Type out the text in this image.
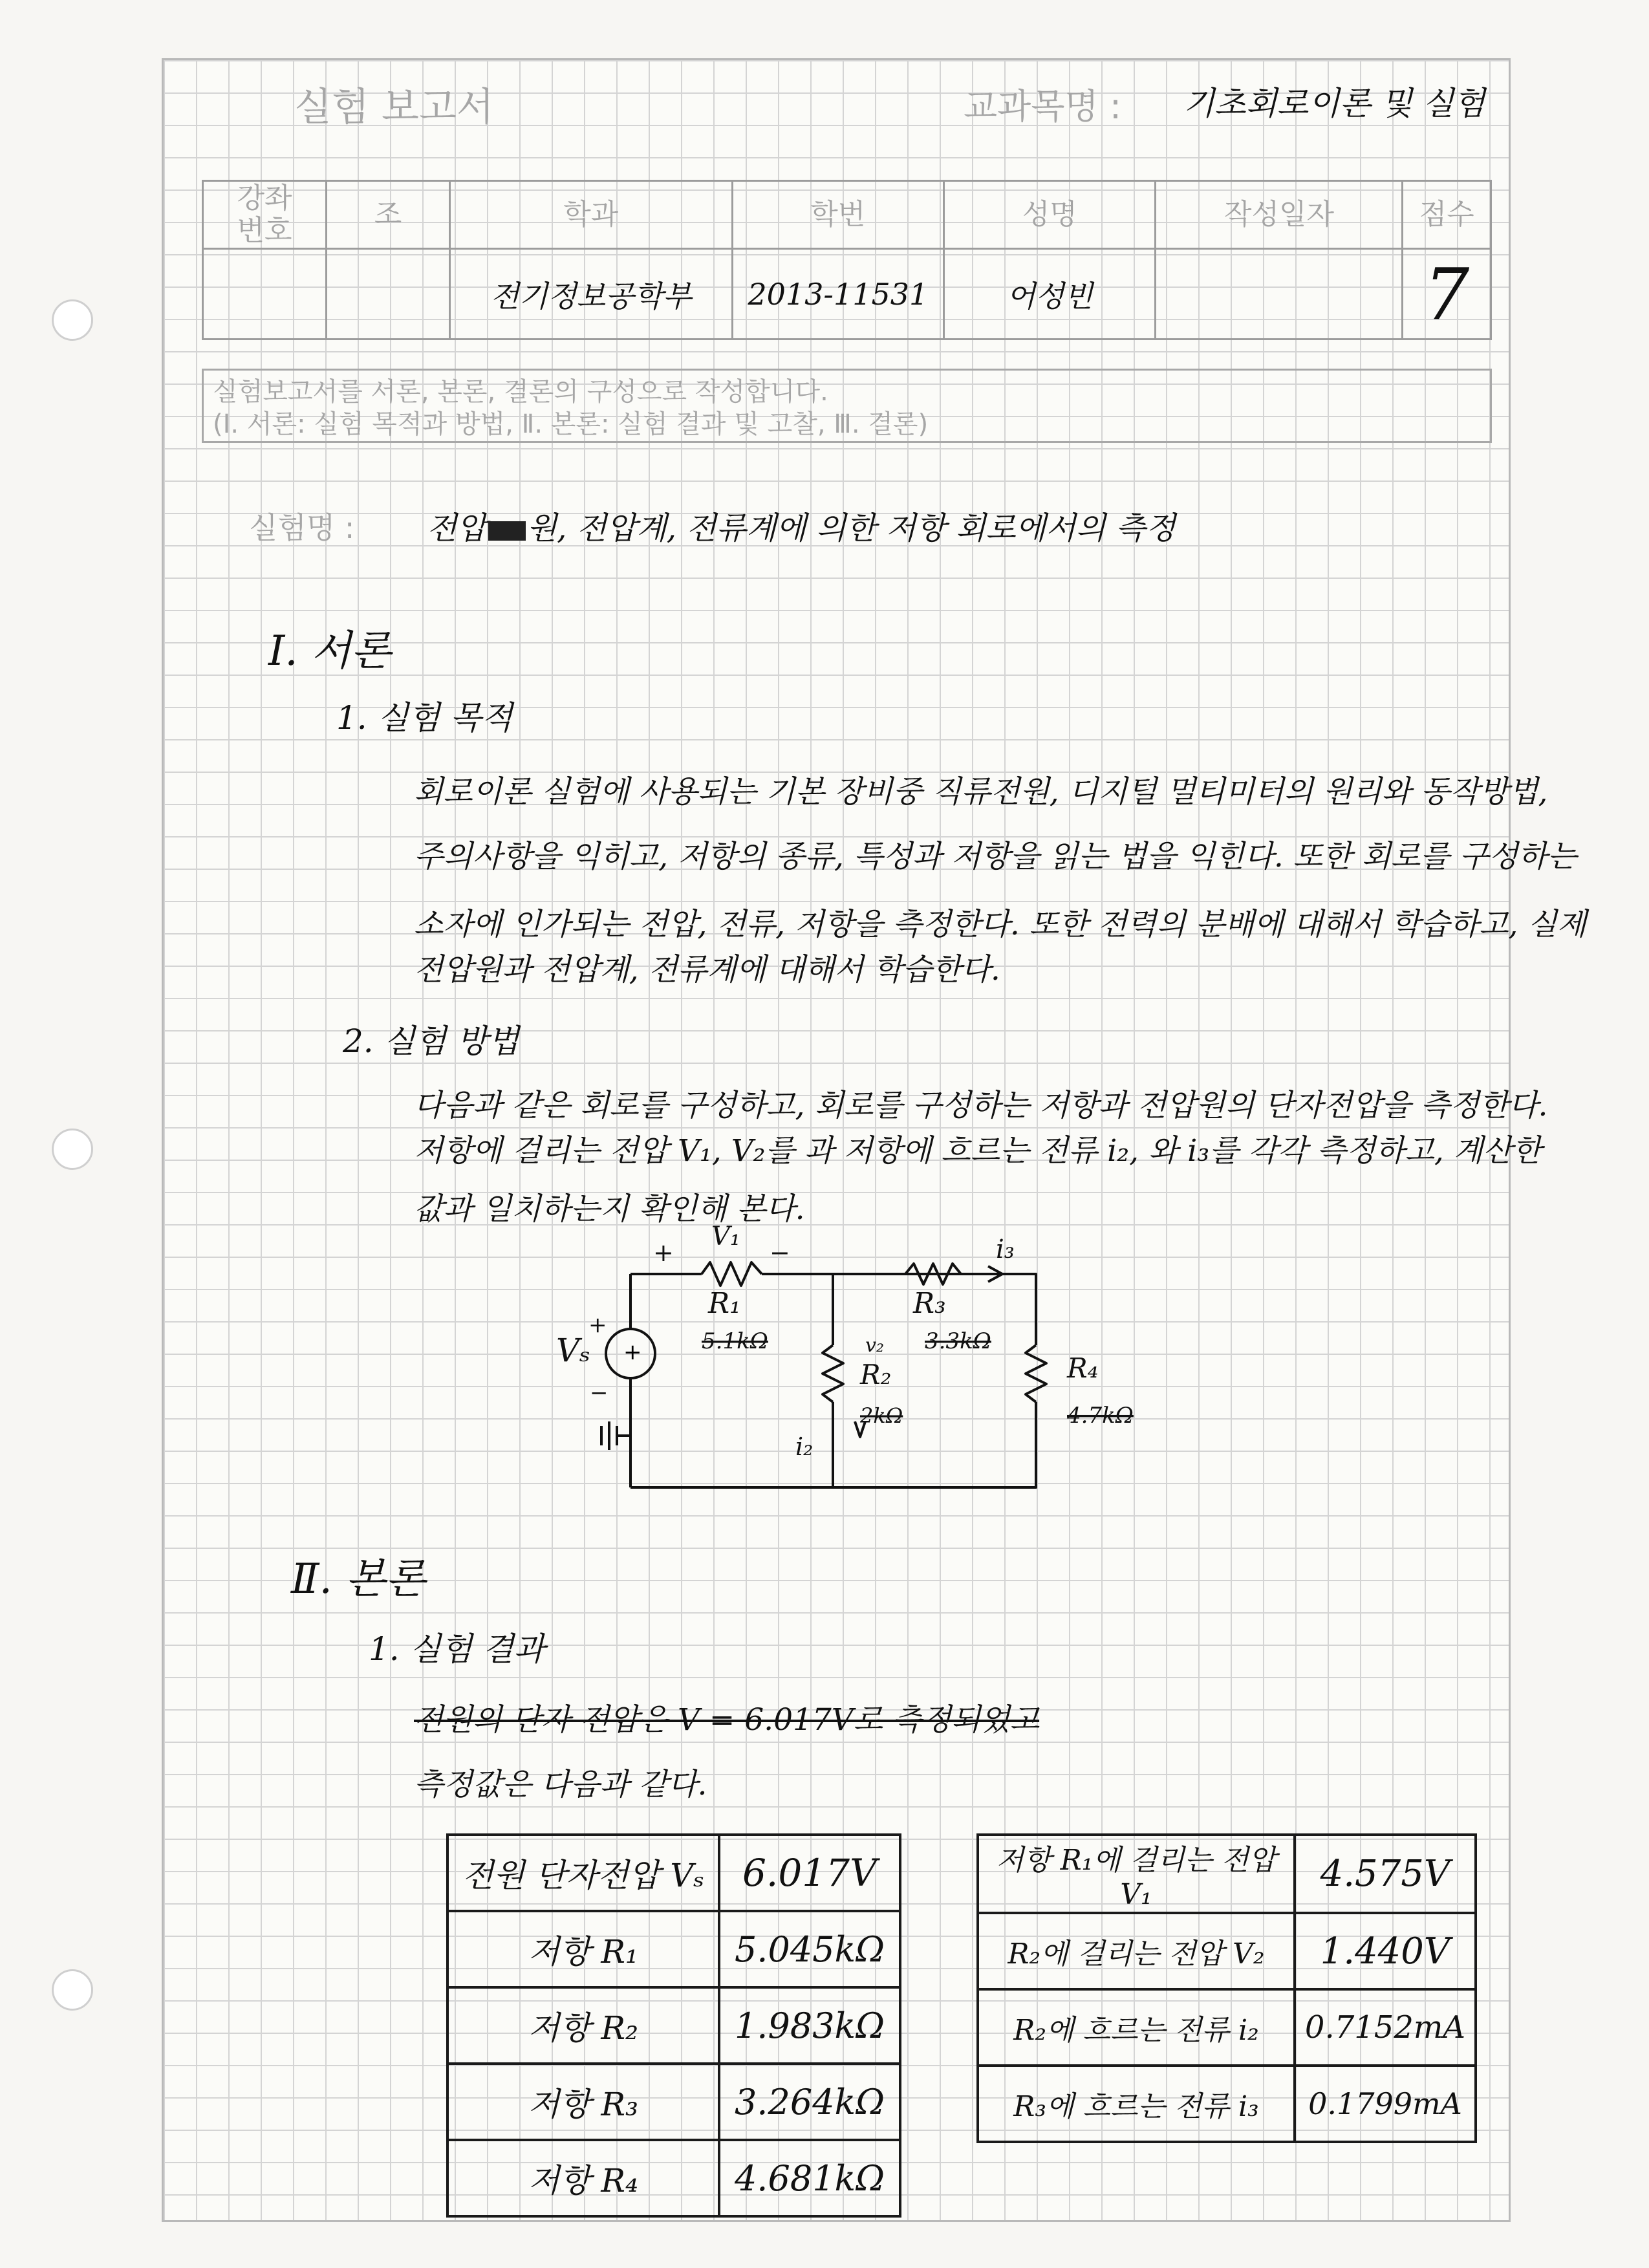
실험 보고서	교과목명 : 기초회로이론 및 실험
강좌
번호	조	학과	학번	성명	작성일자	점수
		전기정보공학부	2013-11531	어성빈		7
실험보고서를 서론, 본론, 결론의 구성으로 작성합니다.
(Ⅰ. 서론: 실험 목적과 방법, Ⅱ. 본론: 실험 결과 및 고찰, Ⅲ. 결론)
실험명 : 전압 원, 전압계, 전류계에 의한 저항 회로에서의 측정
Ⅰ. 서론
1. 실험 목적
회로이론 실험에 사용되는 기본 장비중 직류전원, 디지털 멀티미터의 원리와 동작방법,
주의사항을 익히고, 저항의 종류, 특성과 저항을 읽는 법을 익힌다. 또한 회로를 구성하는
소자에 인가되는 전압, 전류, 저항을 측정한다. 또한 전력의 분배에 대해서 학습하고, 실제
전압원과 전압계, 전류계에 대해서 학습한다.
2. 실험 방법
다음과 같은 회로를 구성하고, 회로를 구성하는 저항과 전압원의 단자전압을 측정한다.
저항에 걸리는 전압 V₁, V₂를 과 저항에 흐르는 전류 i₂, 와 i₃를 각각 측정하고, 계산한
값과 일치하는지 확인해 본다.
+
+	−
V₁
R₁	R₃
i₃
Vₛ
+
−
R₂
v₂
i₂
R₄
5.1kΩ	3.3kΩ
2kΩ	4.7kΩ
Ⅱ. 본론
1. 실험 결과
전원의 단자 전압은 V = 6.017V로 측정되었고
측정값은 다음과 같다.
전원 단자전압 Vₛ	6.017V
저항 R₁	5.045kΩ
저항 R₂	1.983kΩ
저항 R₃	3.264kΩ
저항 R₄	4.681kΩ
저항 R₁에 걸리는 전압 V₁	4.575V
R₂에 걸리는 전압 V₂	1.440V
R₂에 흐르는 전류 i₂	0.7152mA
R₃에 흐르는 전류 i₃	0.1799mA
